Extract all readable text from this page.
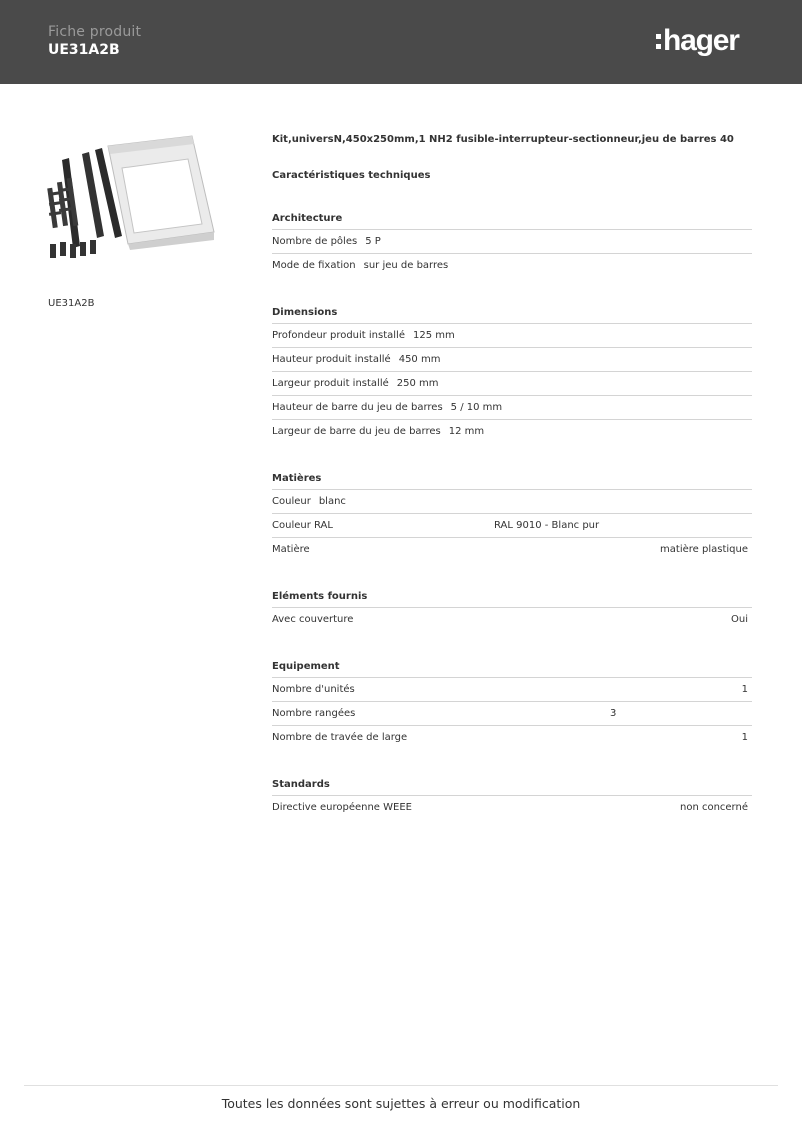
Fiche produit
UE31A2B	hager
UE31A2B
Kit,universN,450x250mm,1 NH2 fusible-interrupteur-sectionneur,jeu de barres 40
Caractéristiques techniques
Architecture
Nombre de pôles 5 P
Mode de fixation sur jeu de barres
Dimensions
Profondeur produit installé 125 mm
Hauteur produit installé 450 mm
Largeur produit installé 250 mm
Hauteur de barre du jeu de barres 5 / 10 mm
Largeur de barre du jeu de barres 12 mm
Matières
Couleur blanc
Couleur RAL	RAL 9010 - Blanc pur
Matière	matière plastique
Eléments fournis
Avec couverture	Oui
Equipement
Nombre d'unités	1
Nombre rangées	3
Nombre de travée de large	1
Standards
Directive européenne WEEE	non concerné
Toutes les données sont sujettes à erreur ou modification
